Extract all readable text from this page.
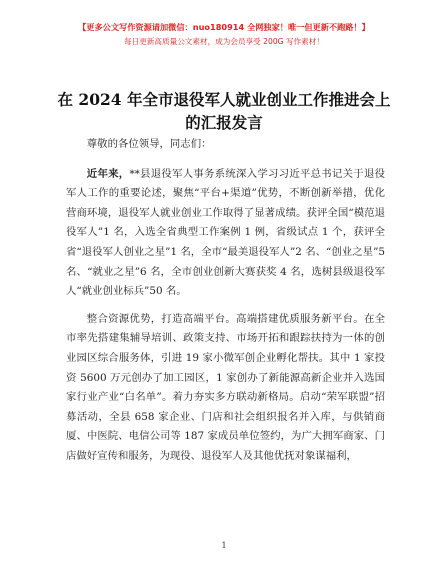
【更多公文写作资源请加微信：nuo180914 全网独家！唯一但更新不跑路！】
每日更新高质量公文素材，成为会员享受 200G 写作素材！
在 2024 年全市退役军人就业创业工作推进会上
的汇报发言

尊敬的各位领导，同志们：

近年来，**县退役军人事务系统深入学习习近平总书记关于退役军人工作的重要论述，聚焦“平台+渠道”优势，不断创新举措，优化营商环境，退役军人就业创业工作取得了显著成绩。获评全国“模范退役军人”1 名，入选全省典型工作案例 1 例，省级试点 1 个，获评全省“退役军人创业之星”1 名，全市“最美退役军人”2 名、“创业之星”5 名、“就业之星”6 名，全市创业创新大赛获奖 4 名，选树县级退役军人“就业创业标兵”50 名。

整合资源优势，打造高端平台。高端搭建优质服务新平台。在全市率先搭建集辅导培训、政策支持、市场开拓和跟踪扶持为一体的创业园区综合服务体，引进 19 家小微军创企业孵化帮扶。其中 1 家投资 5600 万元创办了加工园区，1 家创办了新能源高新企业并入选国家行业产业“白名单”。着力夯实多方联动新格局。启动“荣军联盟”招募活动，全县 658 家企业、门店和社会组织报名并入库，与供销商厦、中医院、电信公司等 187 家成员单位签约，为广大拥军商家、门店做好宣传和服务，为现役、退役军人及其他优抚对象谋福利，

1
